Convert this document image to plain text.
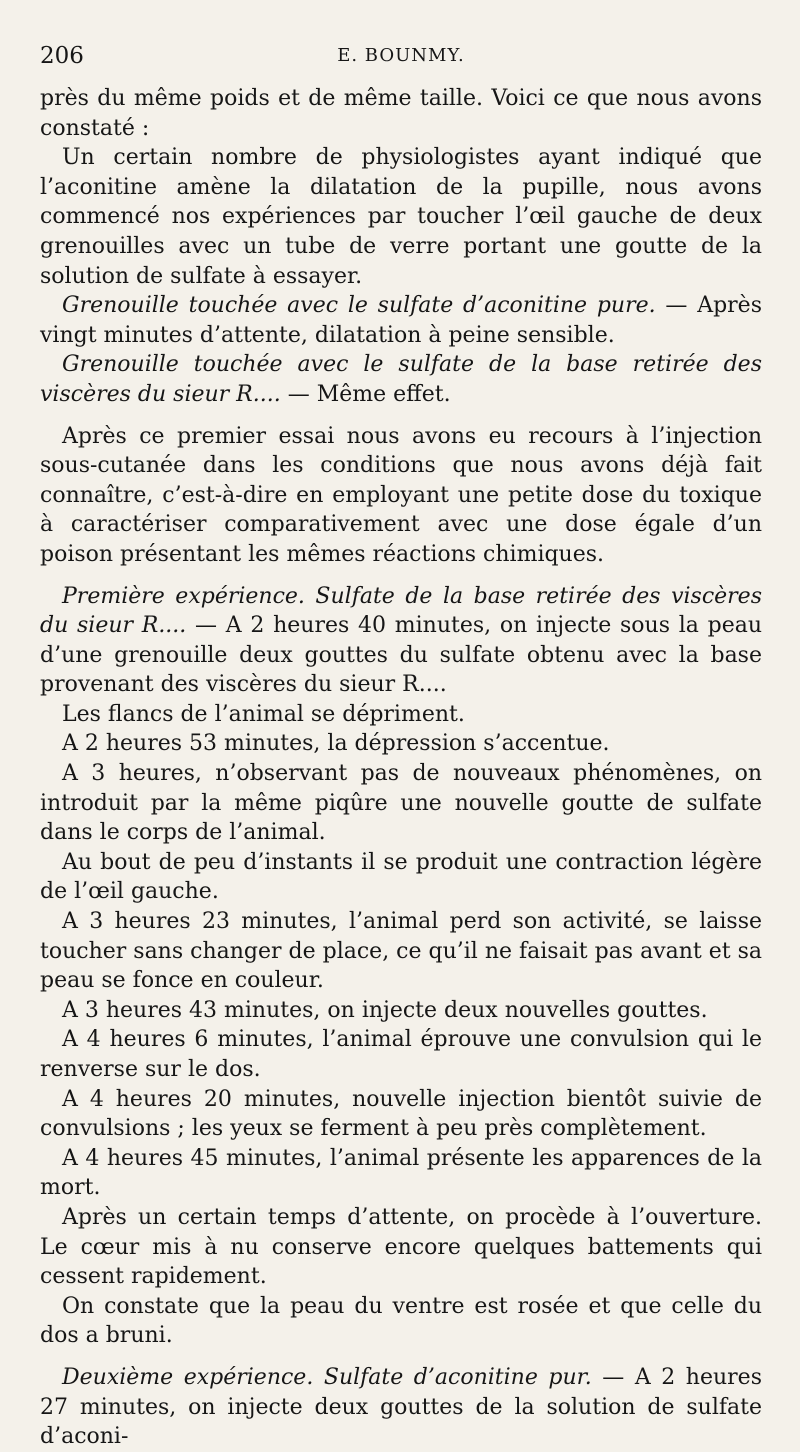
206	E. BOUNMY.

près du même poids et de même taille. Voici ce que nous avons constaté :

Un certain nombre de physiologistes ayant indiqué que l’aconitine amène la dilatation de la pupille, nous avons commencé nos expériences par toucher l’œil gauche de deux grenouilles avec un tube de verre portant une goutte de la solution de sulfate à essayer.

Grenouille touchée avec le sulfate d’aconitine pure. — Après vingt minutes d’attente, dilatation à peine sensible.

Grenouille touchée avec le sulfate de la base retirée des viscères du sieur R.... — Même effet.

Après ce premier essai nous avons eu recours à l’injection sous-cutanée dans les conditions que nous avons déjà fait connaître, c’est-à-dire en employant une petite dose du toxique à caractériser comparativement avec une dose égale d’un poison présentant les mêmes réactions chimiques.

Première expérience. Sulfate de la base retirée des viscères du sieur R.... — A 2 heures 40 minutes, on injecte sous la peau d’une grenouille deux gouttes du sulfate obtenu avec la base provenant des viscères du sieur R....

Les flancs de l’animal se dépriment.

A 2 heures 53 minutes, la dépression s’accentue.

A 3 heures, n’observant pas de nouveaux phénomènes, on introduit par la même piqûre une nouvelle goutte de sulfate dans le corps de l’animal.

Au bout de peu d’instants il se produit une contraction légère de l’œil gauche.

A 3 heures 23 minutes, l’animal perd son activité, se laisse toucher sans changer de place, ce qu’il ne faisait pas avant et sa peau se fonce en couleur.

A 3 heures 43 minutes, on injecte deux nouvelles gouttes.

A 4 heures 6 minutes, l’animal éprouve une convulsion qui le renverse sur le dos.

A 4 heures 20 minutes, nouvelle injection bientôt suivie de convulsions ; les yeux se ferment à peu près complètement.

A 4 heures 45 minutes, l’animal présente les apparences de la mort.

Après un certain temps d’attente, on procède à l’ouverture. Le cœur mis à nu conserve encore quelques battements qui cessent rapidement.

On constate que la peau du ventre est rosée et que celle du dos a bruni.

Deuxième expérience. Sulfate d’aconitine pur. — A 2 heures 27 minutes, on injecte deux gouttes de la solution de sulfate d’aconi-
